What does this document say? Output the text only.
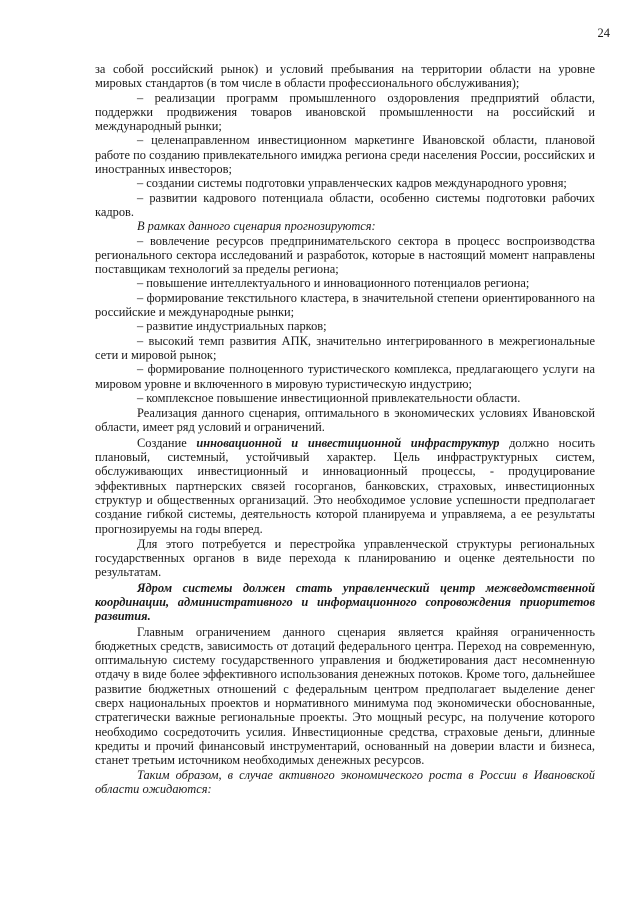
24

за собой российский рынок) и условий пребывания на территории области на уровне мировых стандартов (в том числе в области профессионального обслуживания);

– реализации программ промышленного оздоровления предприятий области, поддержки продвижения товаров ивановской промышленности на российский и международный рынки;

– целенаправленном инвестиционном маркетинге Ивановской области, плановой работе по созданию привлекательного имиджа региона среди населения России, российских и иностранных инвесторов;

– создании системы подготовки управленческих кадров международного уровня;

– развитии кадрового потенциала области, особенно системы подготовки рабочих кадров.

В рамках данного сценария прогнозируются:

– вовлечение ресурсов предпринимательского сектора в процесс воспроизводства регионального сектора исследований и разработок, которые в настоящий момент направлены поставщикам технологий за пределы региона;

– повышение интеллектуального и инновационного потенциалов региона;

– формирование текстильного кластера, в значительной степени ориентированного на российские и международные рынки;

– развитие индустриальных парков;

– высокий темп развития АПК, значительно интегрированного в межрегиональные сети и мировой рынок;

– формирование полноценного туристического комплекса, предлагающего услуги на мировом уровне и включенного в мировую туристическую индустрию;

– комплексное повышение инвестиционной привлекательности области.

Реализация данного сценария, оптимального в экономических условиях Ивановской области, имеет ряд условий и ограничений.

Создание инновационной и инвестиционной инфраструктур должно носить плановый, системный, устойчивый характер. Цель инфраструктурных систем, обслуживающих инвестиционный и инновационный процессы, - продуцирование эффективных партнерских связей госорганов, банковских, страховых, инвестиционных структур и общественных организаций. Это необходимое условие успешности предполагает создание гибкой системы, деятельность которой планируема и управляема, а ее результаты прогнозируемы на годы вперед.

Для этого потребуется и перестройка управленческой структуры региональных государственных органов в виде перехода к планированию и оценке деятельности по результатам.

Ядром системы должен стать управленческий центр межведомственной координации, административного и информационного сопровождения приоритетов развития.

Главным ограничением данного сценария является крайняя ограниченность бюджетных средств, зависимость от дотаций федерального центра. Переход на современную, оптимальную систему государственного управления и бюджетирования даст несомненную отдачу в виде более эффективного использования денежных потоков. Кроме того, дальнейшее развитие бюджетных отношений с федеральным центром предполагает выделение денег сверх национальных проектов и нормативного минимума под экономически обоснованные, стратегически важные региональные проекты. Это мощный ресурс, на получение которого необходимо сосредоточить усилия. Инвестиционные средства, страховые деньги, длинные кредиты и прочий финансовый инструментарий, основанный на доверии власти и бизнеса, станет третьим источником необходимых денежных ресурсов.

Таким образом, в случае активного экономического роста в России в Ивановской области ожидаются:
